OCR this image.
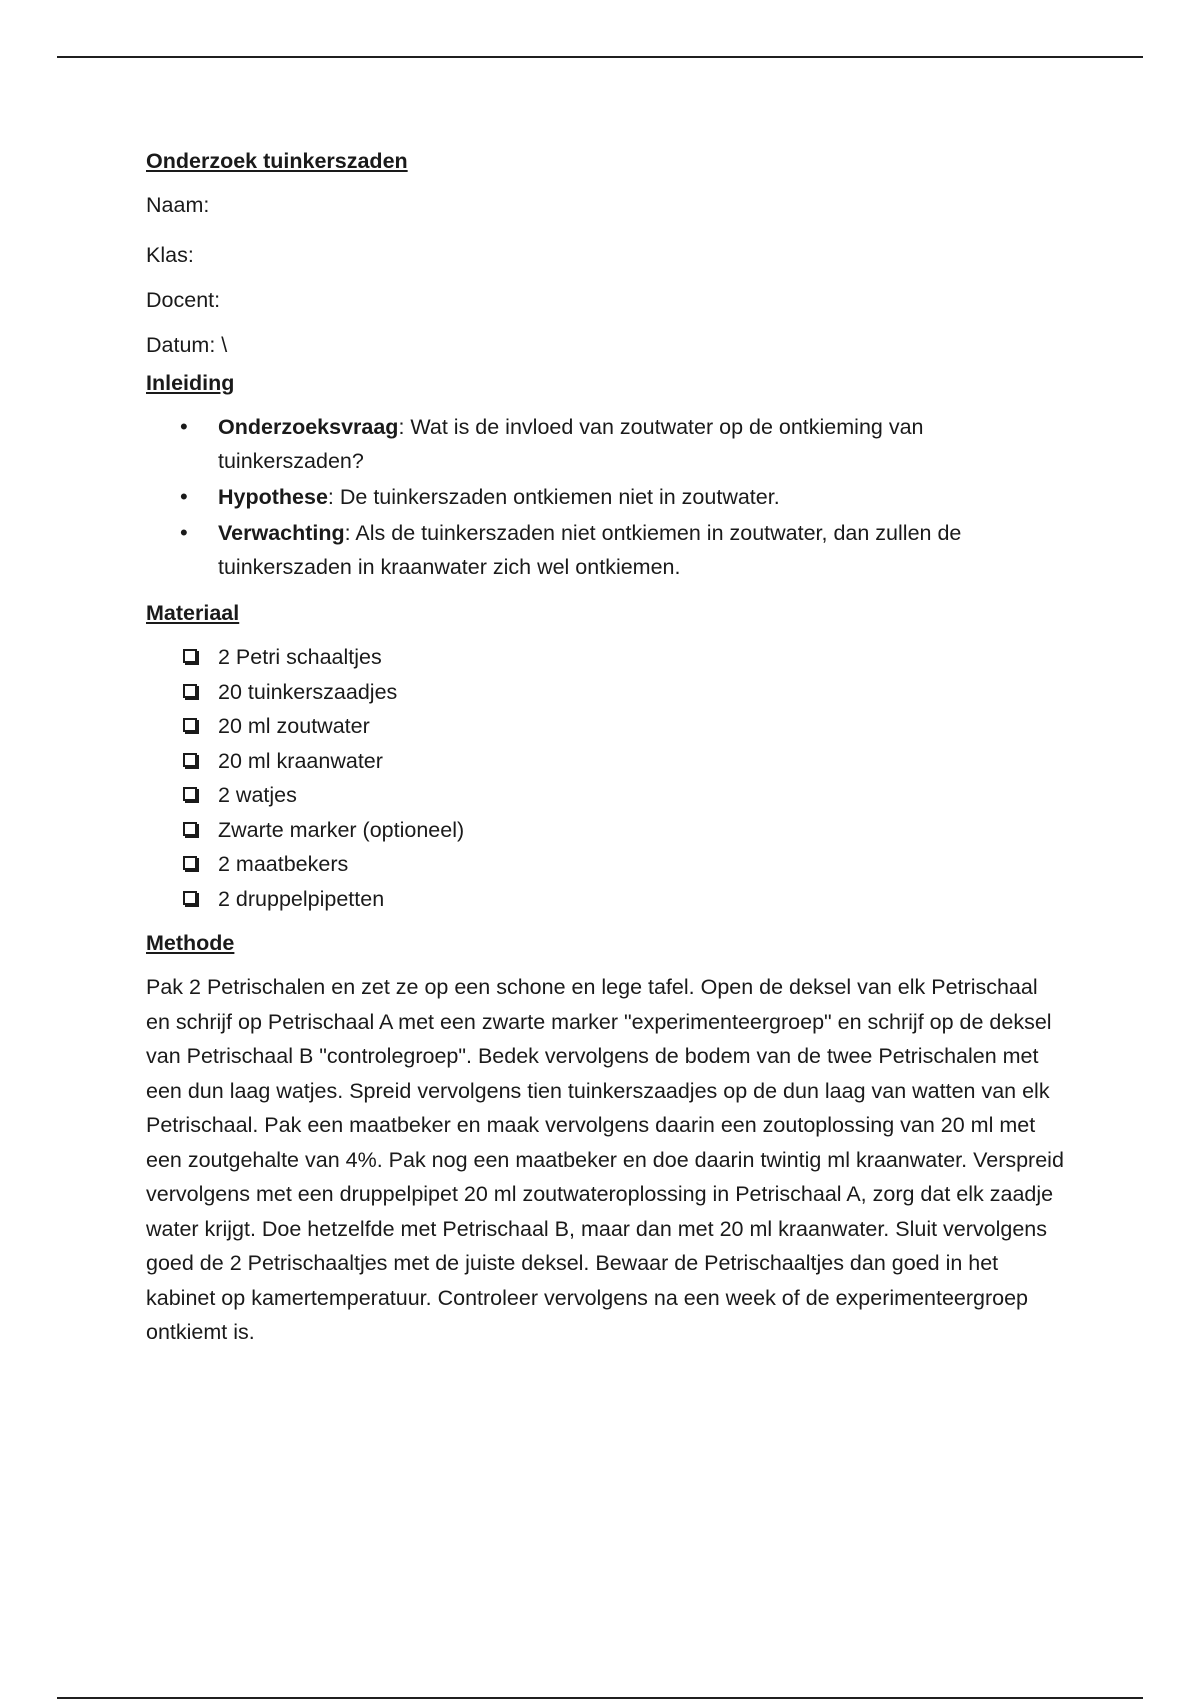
Onderzoek tuinkerszaden
Naam:
Klas:
Docent:
Datum: \
Inleiding
• Onderzoeksvraag: Wat is de invloed van zoutwater op de ontkieming van tuinkerszaden?
• Hypothese: De tuinkerszaden ontkiemen niet in zoutwater.
• Verwachting: Als de tuinkerszaden niet ontkiemen in zoutwater, dan zullen de tuinkerszaden in kraanwater zich wel ontkiemen.
Materiaal
2 Petri schaaltjes
20 tuinkerszaadjes
20 ml zoutwater
20 ml kraanwater
2 watjes
Zwarte marker (optioneel)
2 maatbekers
2 druppelpipetten
Methode

Pak 2 Petrischalen en zet ze op een schone en lege tafel. Open de deksel van elk Petrischaal en schrijf op Petrischaal A met een zwarte marker "experimenteergroep" en schrijf op de deksel van Petrischaal B "controlegroep". Bedek vervolgens de bodem van de twee Petrischalen met een dun laag watjes. Spreid vervolgens tien tuinkerszaadjes op de dun laag van watten van elk Petrischaal. Pak een maatbeker en maak vervolgens daarin een zoutoplossing van 20 ml met een zoutgehalte van 4%. Pak nog een maatbeker en doe daarin twintig ml kraanwater. Verspreid vervolgens met een druppelpipet 20 ml zoutwateroplossing in Petrischaal A, zorg dat elk zaadje water krijgt. Doe hetzelfde met Petrischaal B, maar dan met 20 ml kraanwater. Sluit vervolgens goed de 2 Petrischaaltjes met de juiste deksel. Bewaar de Petrischaaltjes dan goed in het kabinet op kamertemperatuur. Controleer vervolgens na een week of de experimenteergroep ontkiemt is.
